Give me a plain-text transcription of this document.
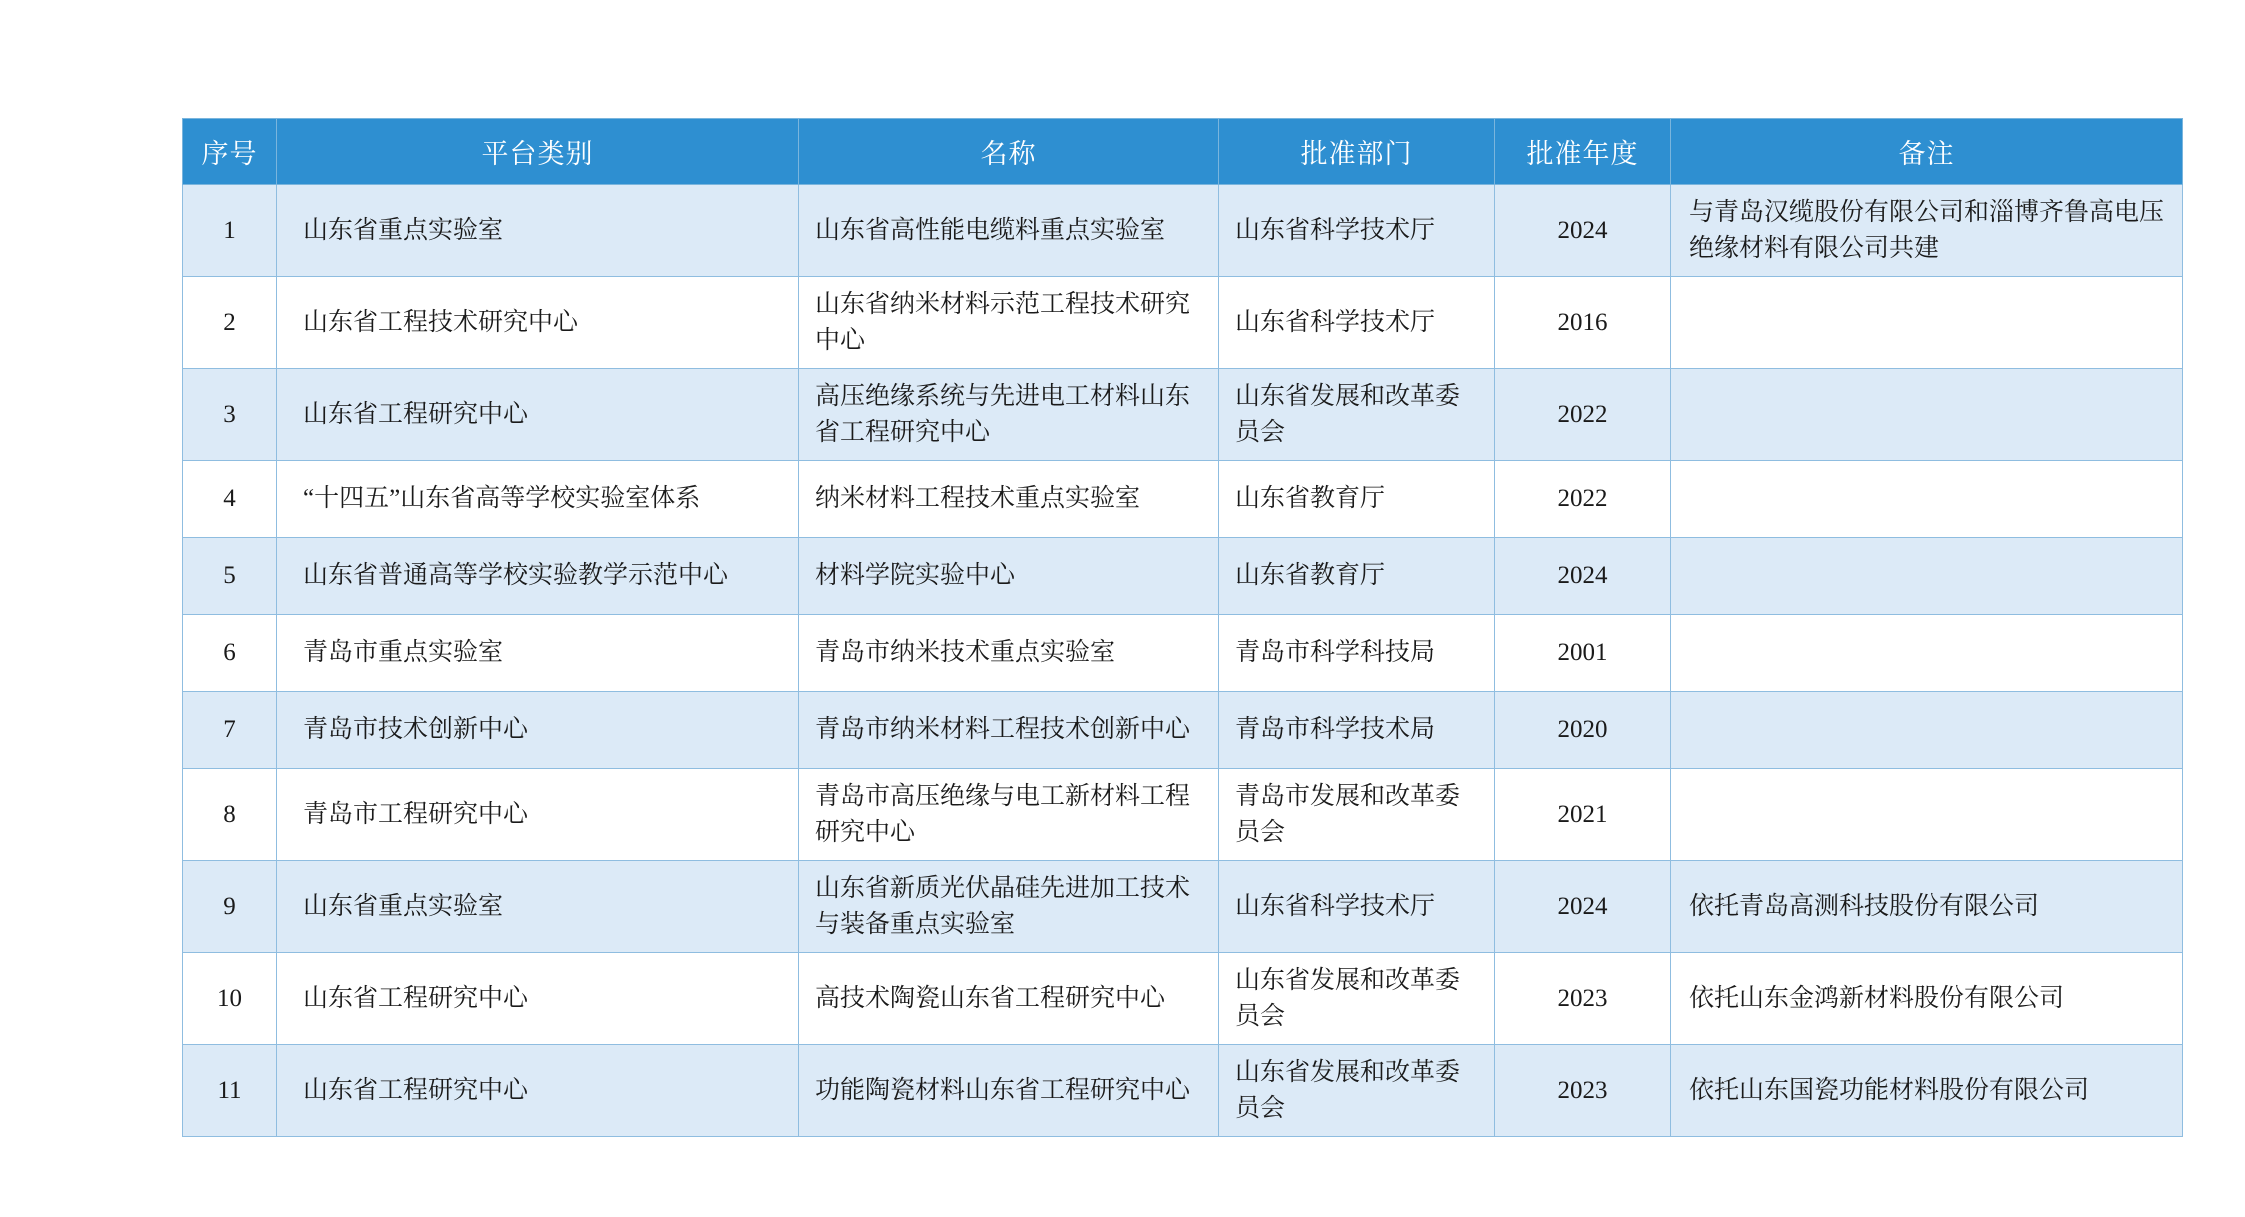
序号	平台类别	名称	批准部门	批准年度	备注
1	山东省重点实验室	山东省高性能电缆料重点实验室	山东省科学技术厅	2024	与青岛汉缆股份有限公司和淄博齐鲁高电压绝缘材料有限公司共建
2	山东省工程技术研究中心	山东省纳米材料示范工程技术研究中心	山东省科学技术厅	2016	
3	山东省工程研究中心	高压绝缘系统与先进电工材料山东省工程研究中心	山东省发展和改革委员会	2022	
4	“十四五”山东省高等学校实验室体系	纳米材料工程技术重点实验室	山东省教育厅	2022	
5	山东省普通高等学校实验教学示范中心	材料学院实验中心	山东省教育厅	2024	
6	青岛市重点实验室	青岛市纳米技术重点实验室	青岛市科学科技局	2001	
7	青岛市技术创新中心	青岛市纳米材料工程技术创新中心	青岛市科学技术局	2020	
8	青岛市工程研究中心	青岛市高压绝缘与电工新材料工程研究中心	青岛市发展和改革委员会	2021	
9	山东省重点实验室	山东省新质光伏晶硅先进加工技术与装备重点实验室	山东省科学技术厅	2024	依托青岛高测科技股份有限公司
10	山东省工程研究中心	高技术陶瓷山东省工程研究中心	山东省发展和改革委员会	2023	依托山东金鸿新材料股份有限公司
11	山东省工程研究中心	功能陶瓷材料山东省工程研究中心	山东省发展和改革委员会	2023	依托山东国瓷功能材料股份有限公司
